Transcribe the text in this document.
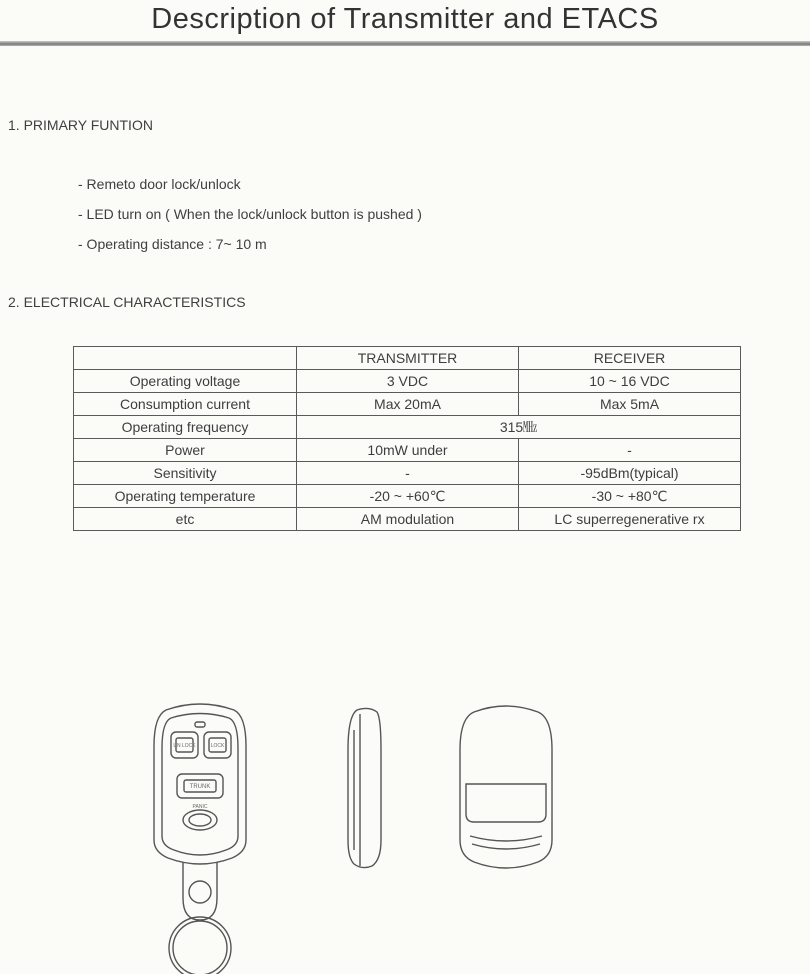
Description of Transmitter and ETACS
1. PRIMARY FUNTION
- Remeto door lock/unlock
- LED turn on ( When the lock/unlock button is pushed )
- Operating distance : 7~ 10 m
2. ELECTRICAL CHARACTERISTICS
	TRANSMITTER	RECEIVER
Operating voltage	3 VDC	10 ~ 16 VDC
Consumption current	Max 20mA	Max 5mA
Operating frequency	315㎒	
Power	10mW under	-
Sensitivity	-	-95dBm(typical)
Operating temperature	-20 ~ +60℃	-30 ~ +80℃
etc	AM modulation	LC superregenerative rx
UN LOCK	LOCK
TRUNK
PANIC
